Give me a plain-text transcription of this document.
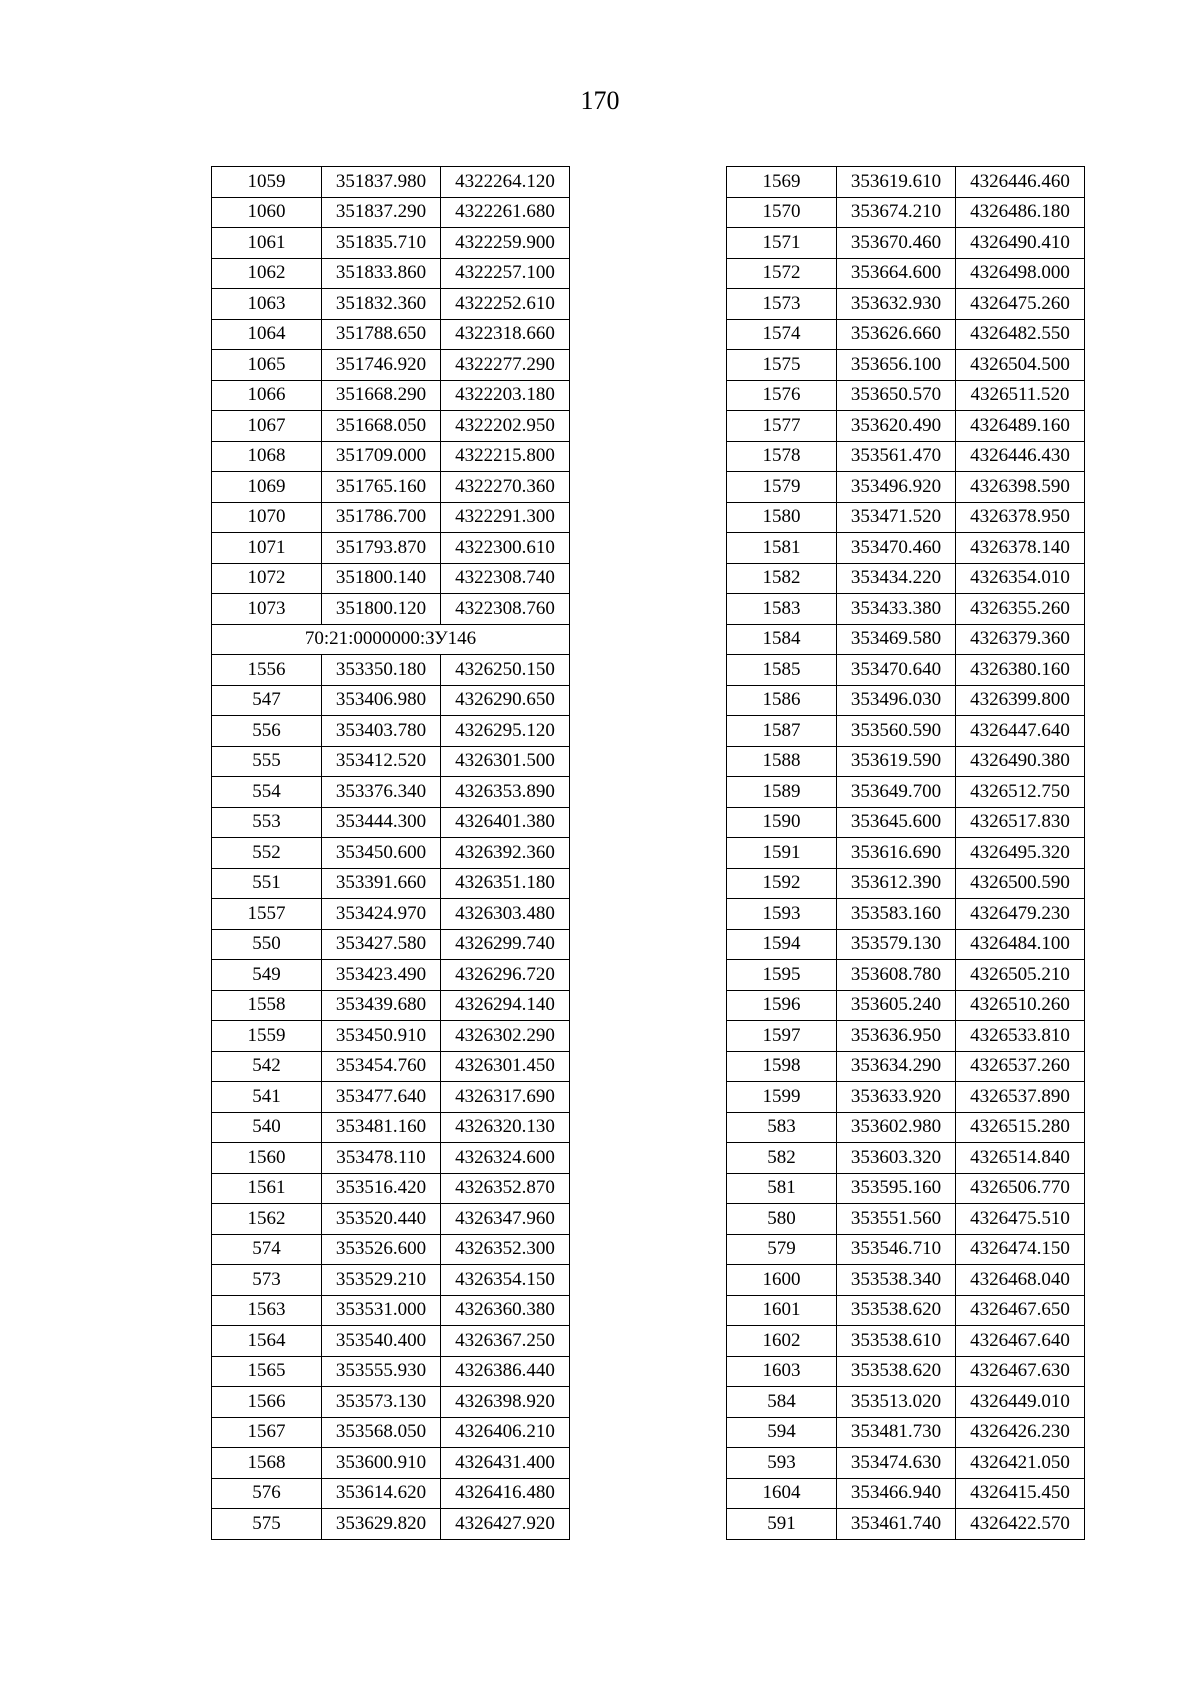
170
1059	351837.980	4322264.120
1060	351837.290	4322261.680
1061	351835.710	4322259.900
1062	351833.860	4322257.100
1063	351832.360	4322252.610
1064	351788.650	4322318.660
1065	351746.920	4322277.290
1066	351668.290	4322203.180
1067	351668.050	4322202.950
1068	351709.000	4322215.800
1069	351765.160	4322270.360
1070	351786.700	4322291.300
1071	351793.870	4322300.610
1072	351800.140	4322308.740
1073	351800.120	4322308.760
70:21:0000000:ЗУ146		
1556	353350.180	4326250.150
547	353406.980	4326290.650
556	353403.780	4326295.120
555	353412.520	4326301.500
554	353376.340	4326353.890
553	353444.300	4326401.380
552	353450.600	4326392.360
551	353391.660	4326351.180
1557	353424.970	4326303.480
550	353427.580	4326299.740
549	353423.490	4326296.720
1558	353439.680	4326294.140
1559	353450.910	4326302.290
542	353454.760	4326301.450
541	353477.640	4326317.690
540	353481.160	4326320.130
1560	353478.110	4326324.600
1561	353516.420	4326352.870
1562	353520.440	4326347.960
574	353526.600	4326352.300
573	353529.210	4326354.150
1563	353531.000	4326360.380
1564	353540.400	4326367.250
1565	353555.930	4326386.440
1566	353573.130	4326398.920
1567	353568.050	4326406.210
1568	353600.910	4326431.400
576	353614.620	4326416.480
575	353629.820	4326427.920
1569	353619.610	4326446.460
1570	353674.210	4326486.180
1571	353670.460	4326490.410
1572	353664.600	4326498.000
1573	353632.930	4326475.260
1574	353626.660	4326482.550
1575	353656.100	4326504.500
1576	353650.570	4326511.520
1577	353620.490	4326489.160
1578	353561.470	4326446.430
1579	353496.920	4326398.590
1580	353471.520	4326378.950
1581	353470.460	4326378.140
1582	353434.220	4326354.010
1583	353433.380	4326355.260
1584	353469.580	4326379.360
1585	353470.640	4326380.160
1586	353496.030	4326399.800
1587	353560.590	4326447.640
1588	353619.590	4326490.380
1589	353649.700	4326512.750
1590	353645.600	4326517.830
1591	353616.690	4326495.320
1592	353612.390	4326500.590
1593	353583.160	4326479.230
1594	353579.130	4326484.100
1595	353608.780	4326505.210
1596	353605.240	4326510.260
1597	353636.950	4326533.810
1598	353634.290	4326537.260
1599	353633.920	4326537.890
583	353602.980	4326515.280
582	353603.320	4326514.840
581	353595.160	4326506.770
580	353551.560	4326475.510
579	353546.710	4326474.150
1600	353538.340	4326468.040
1601	353538.620	4326467.650
1602	353538.610	4326467.640
1603	353538.620	4326467.630
584	353513.020	4326449.010
594	353481.730	4326426.230
593	353474.630	4326421.050
1604	353466.940	4326415.450
591	353461.740	4326422.570
